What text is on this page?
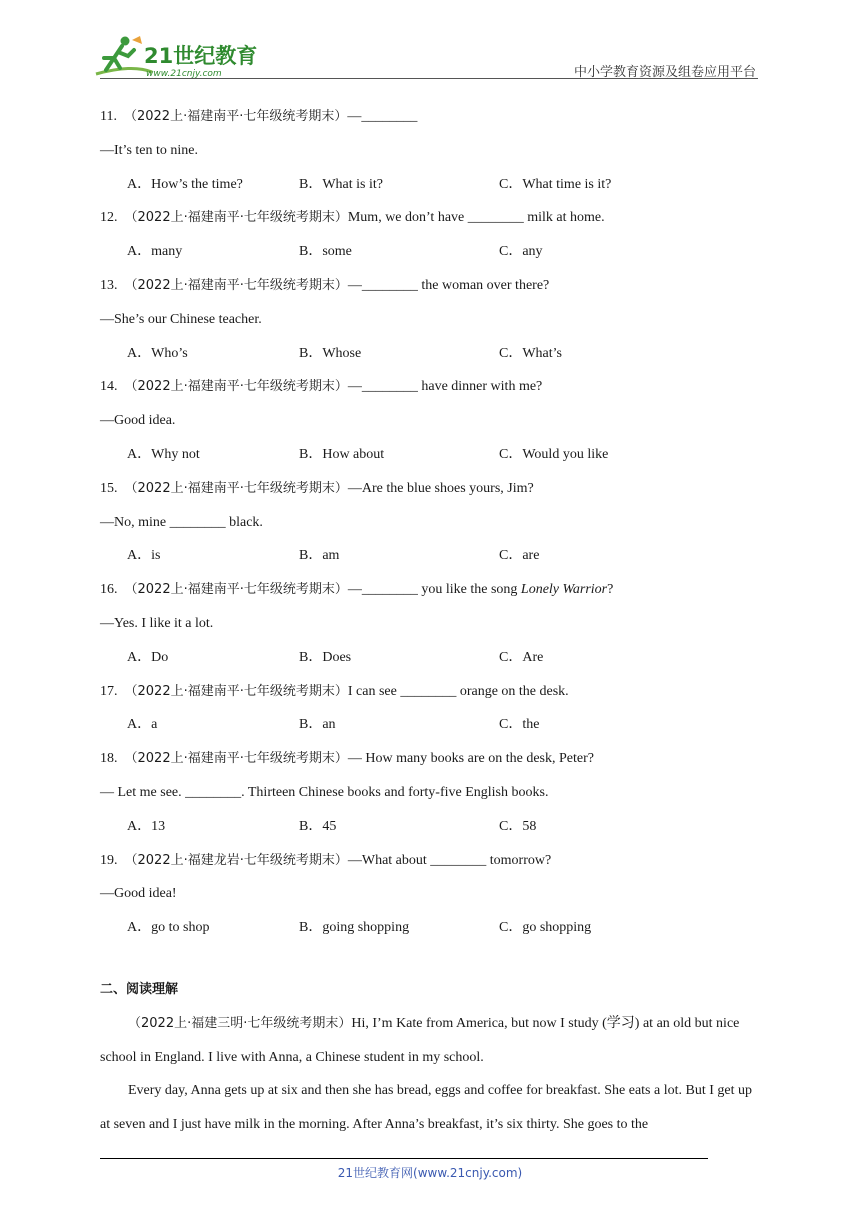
21世纪教育
www.21cnjy.com	中小学教育资源及组卷应用平台
11. （2022上·福建南平·七年级统考期末）—________
—It’s ten to nine.
A．How’s the time?	B．What is it?	C．What time is it?
12. （2022上·福建南平·七年级统考期末）Mum, we don’t have ________ milk at home.
A．many	B．some	C．any
13. （2022上·福建南平·七年级统考期末）—________ the woman over there?
—She’s our Chinese teacher.
A．Who’s	B．Whose	C．What’s
14. （2022上·福建南平·七年级统考期末）—________ have dinner with me?
—Good idea.
A．Why not	B．How about	C．Would you like
15. （2022上·福建南平·七年级统考期末）—Are the blue shoes yours, Jim?
—No, mine ________ black.
A．is	B．am	C．are
16. （2022上·福建南平·七年级统考期末）—________ you like the song Lonely Warrior?
—Yes. I like it a lot.
A．Do	B．Does	C．Are
17. （2022上·福建南平·七年级统考期末）I can see ________ orange on the desk.
A．a	B．an	C．the
18. （2022上·福建南平·七年级统考期末）— How many books are on the desk, Peter?
— Let me see. ________. Thirteen Chinese books and forty-five English books.
A．13	B．45	C．58
19. （2022上·福建龙岩·七年级统考期末）—What about ________ tomorrow?
—Good idea!
A．go to shop	B．going shopping	C．go shopping
二、阅读理解
（2022上·福建三明·七年级统考期末）Hi, I’m Kate from America, but now I study (学习) at an old but nice school in England. I live with Anna, a Chinese student in my school.
Every day, Anna gets up at six and then she has bread, eggs and coffee for breakfast. She eats a lot. But I get up at seven and I just have milk in the morning. After Anna’s breakfast, it’s six thirty. She goes to the
21世纪教育网(www.21cnjy.com)
